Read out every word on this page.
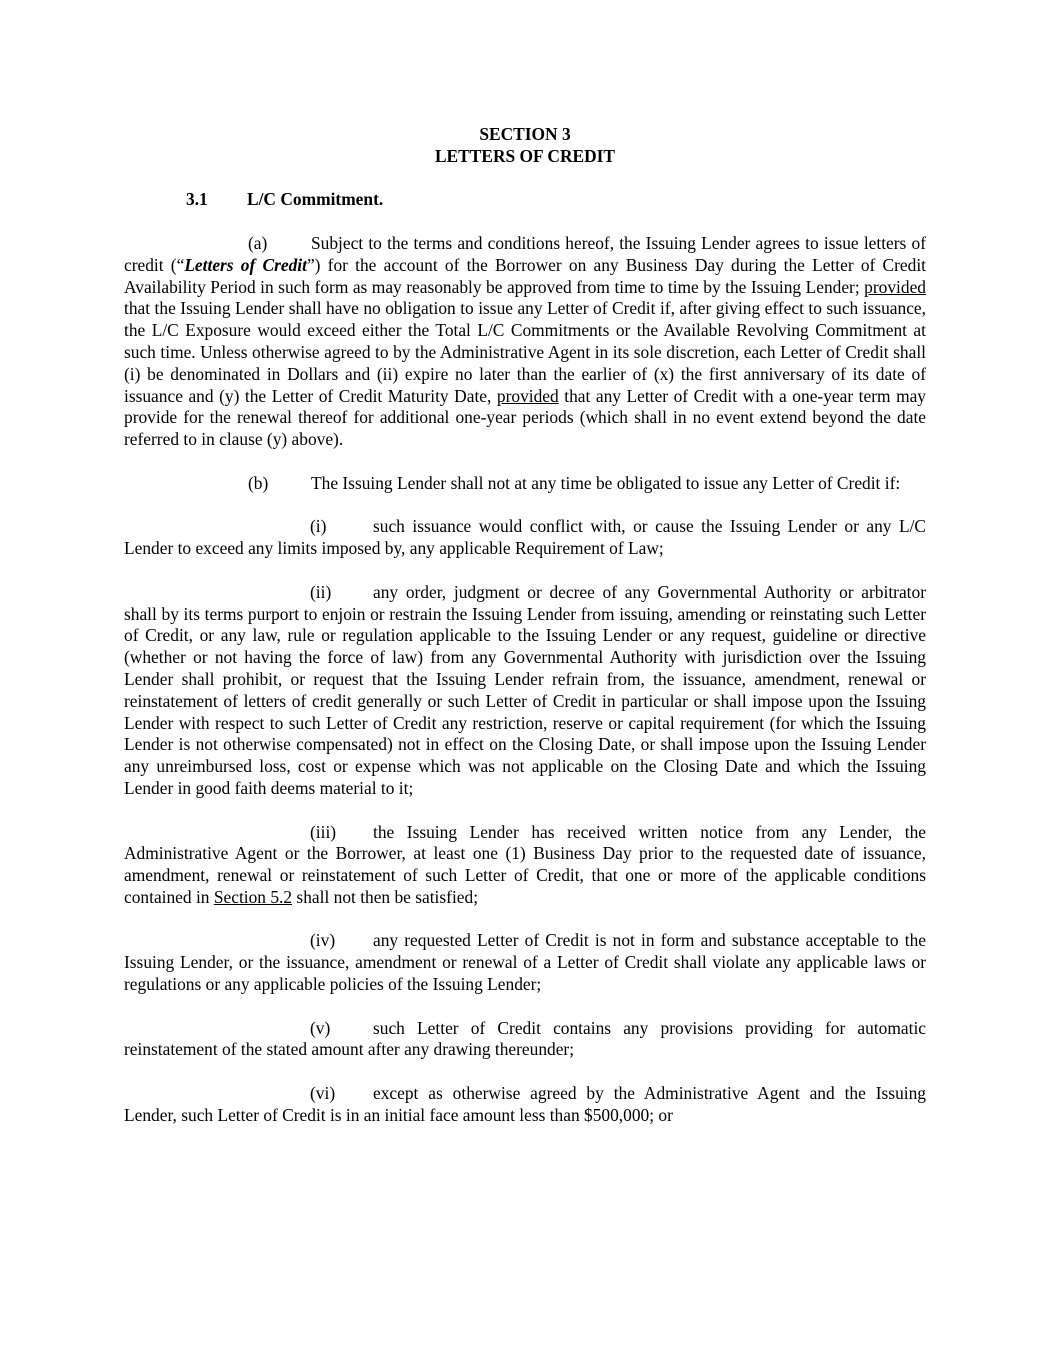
SECTION 3

LETTERS OF CREDIT

3.1 L/C Commitment.

(a)	Subject to the terms and conditions hereof, the Issuing Lender agrees to issue letters of credit (“Letters of Credit”) for the account of the Borrower on any Business Day during the Letter of Credit Availability Period in such form as may reasonably be approved from time to time by the Issuing Lender; provided that the Issuing Lender shall have no obligation to issue any Letter of Credit if, after giving effect to such issuance, the L/C Exposure would exceed either the Total L/C Commitments or the Available Revolving Commitment at such time. Unless otherwise agreed to by the Administrative Agent in its sole discretion, each Letter of Credit shall (i) be denominated in Dollars and (ii) expire no later than the earlier of (x) the first anniversary of its date of issuance and (y) the Letter of Credit Maturity Date, provided that any Letter of Credit with a one-year term may provide for the renewal thereof for additional one-year periods (which shall in no event extend beyond the date referred to in clause (y) above).

(b) The Issuing Lender shall not at any time be obligated to issue any Letter of Credit if:

(i)	such issuance would conflict with, or cause the Issuing Lender or any L/C Lender to exceed any limits imposed by, any applicable Requirement of Law;

(ii) any order, judgment or decree of any Governmental Authority or arbitrator shall by its terms purport to enjoin or restrain the Issuing Lender from issuing, amending or reinstating such Letter of Credit, or any law, rule or regulation applicable to the Issuing Lender or any request, guideline or directive (whether or not having the force of law) from any Governmental Authority with jurisdiction over the Issuing Lender shall prohibit, or request that the Issuing Lender refrain from, the issuance, amendment, renewal or reinstatement of letters of credit generally or such Letter of Credit in particular or shall impose upon the Issuing Lender with respect to such Letter of Credit any restriction, reserve or capital requirement (for which the Issuing Lender is not otherwise compensated) not in effect on the Closing Date, or shall impose upon the Issuing Lender any unreimbursed loss, cost or expense which was not applicable on the Closing Date and which the Issuing Lender in good faith deems material to it;

(iii) the Issuing Lender has received written notice from any Lender, the Administrative Agent or the Borrower, at least one (1) Business Day prior to the requested date of issuance, amendment, renewal or reinstatement of such Letter of Credit, that one or more of the applicable conditions contained in Section 5.2 shall not then be satisfied;

(iv) any requested Letter of Credit is not in form and substance acceptable to the Issuing Lender, or the issuance, amendment or renewal of a Letter of Credit shall violate any applicable laws or regulations or any applicable policies of the Issuing Lender;

(v) such Letter of Credit contains any provisions providing for automatic reinstatement of the stated amount after any drawing thereunder;

(vi) except as otherwise agreed by the Administrative Agent and the Issuing Lender, such Letter of Credit is in an initial face amount less than $500,000; or
